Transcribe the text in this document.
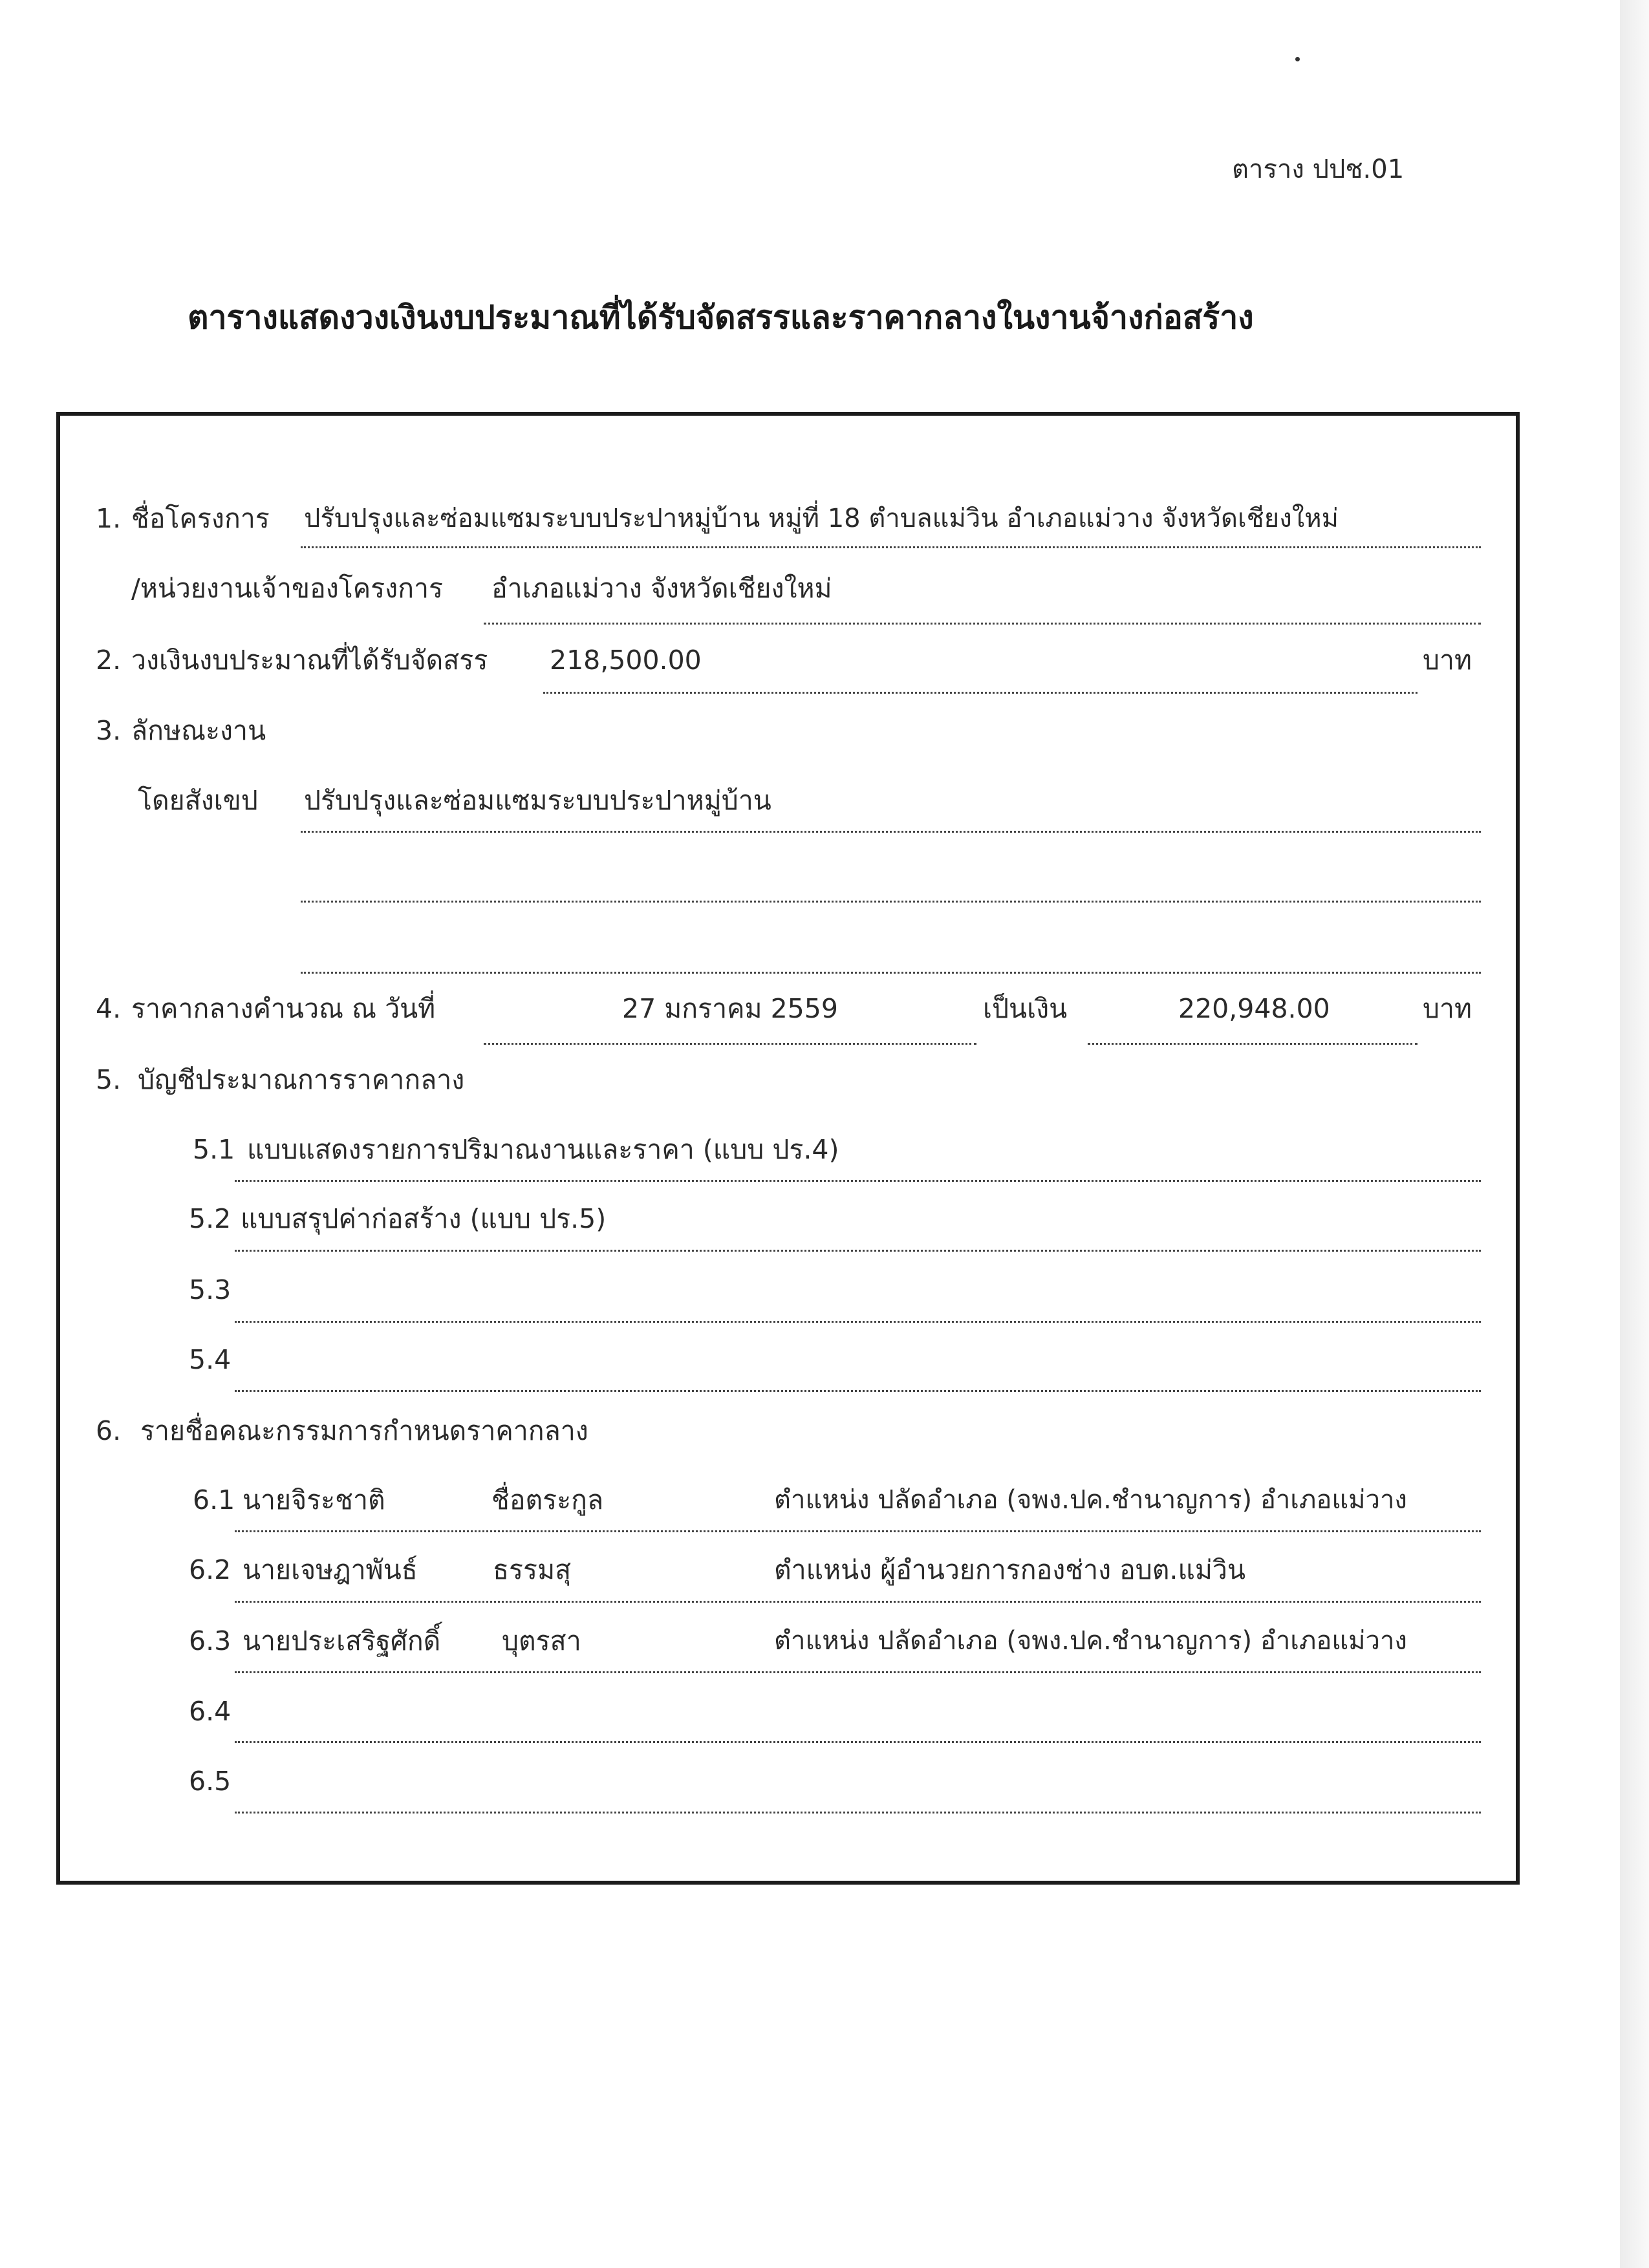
ตาราง ปปช.01
ตารางแสดงวงเงินงบประมาณที่ได้รับจัดสรรและราคากลางในงานจ้างก่อสร้าง
1. ชื่อโครงการ ปรับปรุงและซ่อมแซมระบบประปาหมู่บ้าน หมู่ที่ 18 ตำบลแม่วิน อำเภอแม่วาง จังหวัดเชียงใหม่
/หน่วยงานเจ้าของโครงการ อำเภอแม่วาง จังหวัดเชียงใหม่
2. วงเงินงบประมาณที่ได้รับจัดสรร 218,500.00	บาท
3. ลักษณะงาน
โดยสังเขป ปรับปรุงและซ่อมแซมระบบประปาหมู่บ้าน
4. ราคากลางคำนวณ ณ วันที่	27 มกราคม 2559	เป็นเงิน	220,948.00	บาท
5. บัญชีประมาณการราคากลาง
5.1 แบบแสดงรายการปริมาณงานและราคา (แบบ ปร.4)
5.2 แบบสรุปค่าก่อสร้าง (แบบ ปร.5)
5.3
5.4
6. รายชื่อคณะกรรมการกำหนดราคากลาง
6.1 นายจิระชาติ	ชื่อตระกูล	ตำแหน่ง ปลัดอำเภอ (จพง.ปค.ชำนาญการ) อำเภอแม่วาง
6.2 นายเจษฎาพันธ์	ธรรมสุ	ตำแหน่ง ผู้อำนวยการกองช่าง อบต.แม่วิน
6.3 นายประเสริฐศักดิ์ บุตรสา	ตำแหน่ง ปลัดอำเภอ (จพง.ปค.ชำนาญการ) อำเภอแม่วาง
6.4
6.5
